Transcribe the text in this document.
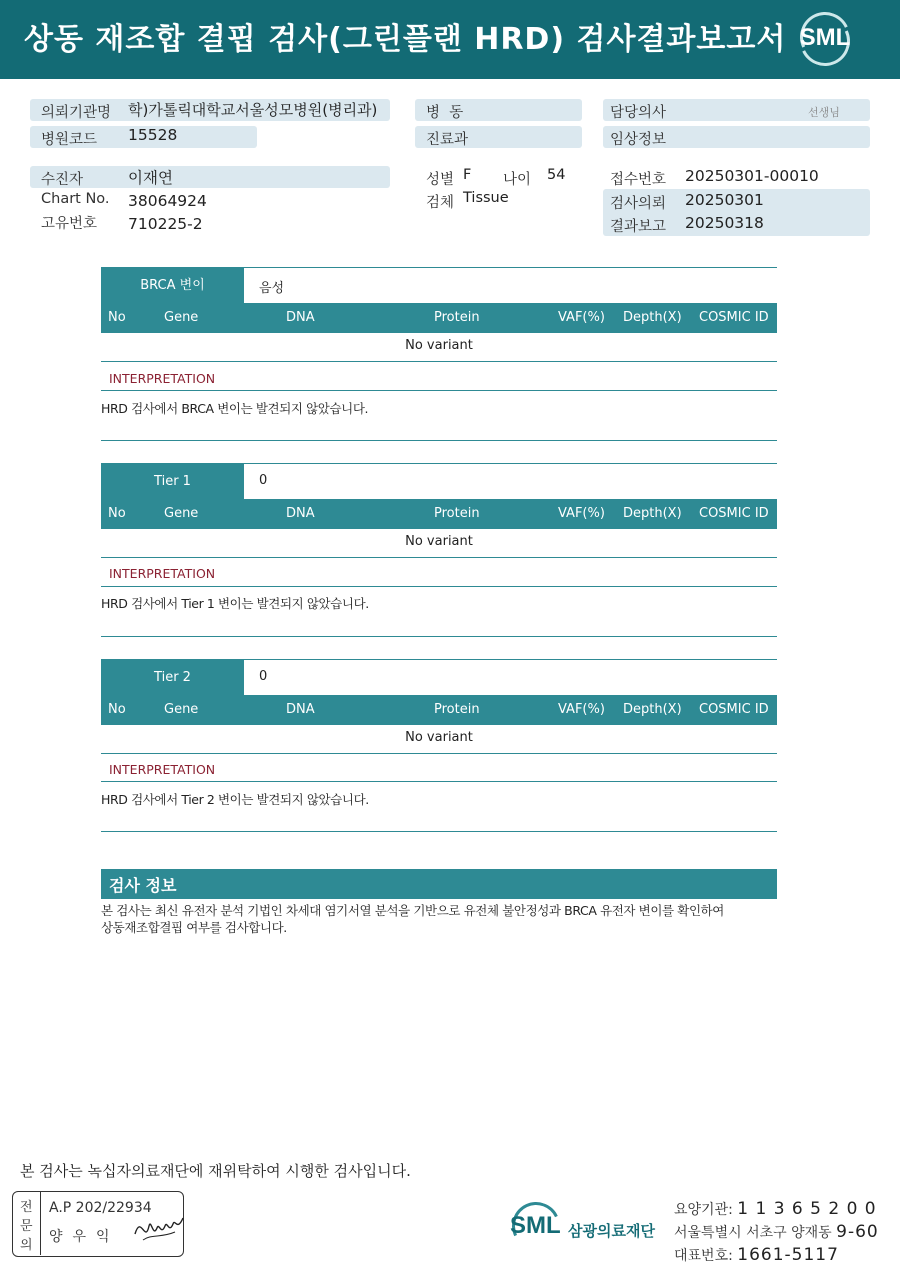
상동 재조합 결핍 검사(그린플랜 HRD) 검사결과보고서 SML
의뢰기관명 학)가톨릭대학교서울성모병원(병리과)
병원코드 15528
수진자	이재연
Chart No. 38064924
고유번호 710225-2
병  동
진료과
성별 F 나이 54
검체 Tissue
담당의사	선생님
임상정보
접수번호 20250301-00010
검사의뢰 20250301
결과보고 20250318
BRCA 변이	음성
No	Gene	DNA	Protein	VAF(%) Depth(X) COSMIC ID
No variant
INTERPRETATION
HRD 검사에서 BRCA 변이는 발견되지 않았습니다.
Tier 1	0
No	Gene	DNA	Protein	VAF(%) Depth(X) COSMIC ID
No variant
INTERPRETATION
HRD 검사에서 Tier 1 변이는 발견되지 않았습니다.
Tier 2	0
No	Gene	DNA	Protein	VAF(%) Depth(X) COSMIC ID
No variant
INTERPRETATION
HRD 검사에서 Tier 2 변이는 발견되지 않았습니다.
검사 정보
본 검사는 최신 유전자 분석 기법인 차세대 염기서열 분석을 기반으로 유전체 불안정성과 BRCA 유전자 변이를 확인하여
상동재조합결핍 여부를 검사합니다.
본 검사는 녹십자의료재단에 재위탁하여 시행한 검사입니다.
전
문
의
A.P 202/22934
양우익	SML 삼광의료재단
요양기관: 1 1 3 6 5 2 0 0
서울특별시 서초구 양재동 9-60
대표번호: 1661-5117
